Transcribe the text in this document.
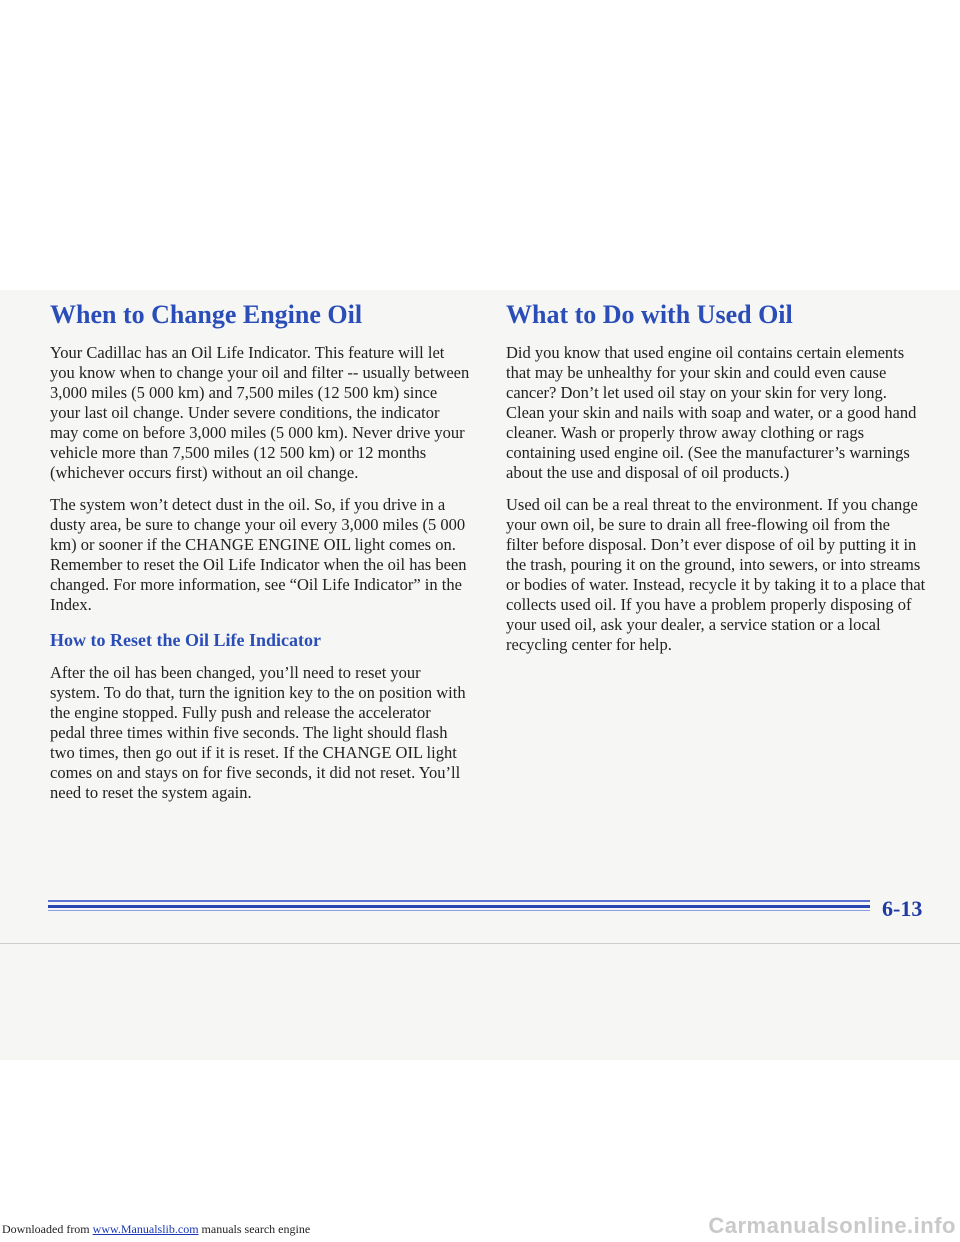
When to Change Engine Oil

Your Cadillac has an Oil Life Indicator. This feature will let you know when to change your oil and filter -- usually between 3,000 miles (5 000 km) and 7,500 miles (12 500 km) since your last oil change. Under severe conditions, the indicator may come on before 3,000 miles (5 000 km). Never drive your vehicle more than 7,500 miles (12 500 km) or 12 months (whichever occurs first) without an oil change.

The system won’t detect dust in the oil. So, if you drive in a dusty area, be sure to change your oil every 3,000 miles (5 000 km) or sooner if the CHANGE ENGINE OIL light comes on. Remember to reset the Oil Life Indicator when the oil has been changed. For more information, see “Oil Life Indicator” in the Index.

How to Reset the Oil Life Indicator

After the oil has been changed, you’ll need to reset your system. To do that, turn the ignition key to the on position with the engine stopped. Fully push and release the accelerator pedal three times within five seconds. The light should flash two times, then go out if it is reset. If the CHANGE OIL light comes on and stays on for five seconds, it did not reset. You’ll need to reset the system again.

What to Do with Used Oil

Did you know that used engine oil contains certain elements that may be unhealthy for your skin and could even cause cancer? Don’t let used oil stay on your skin for very long. Clean your skin and nails with soap and water, or a good hand cleaner. Wash or properly throw away clothing or rags containing used engine oil. (See the manufacturer’s warnings about the use and disposal of oil products.)

Used oil can be a real threat to the environment. If you change your own oil, be sure to drain all free-flowing oil from the filter before disposal. Don’t ever dispose of oil by putting it in the trash, pouring it on the ground, into sewers, or into streams or bodies of water. Instead, recycle it by taking it to a place that collects used oil. If you have a problem properly disposing of your used oil, ask your dealer, a service station or a local recycling center for help.

6-13
Downloaded from www.Manualslib.com manuals search engine	Carmanualsonline.info
